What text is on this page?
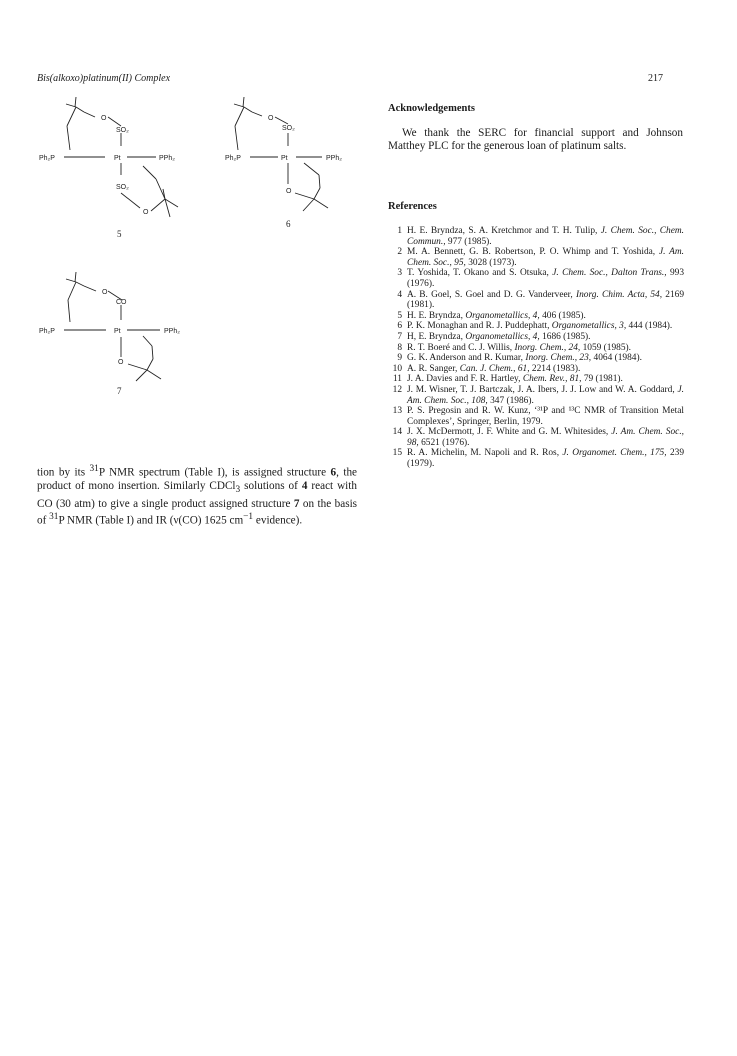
Bis(alkoxo)platinum(II) Complex	217
O
SO₂
Ph₂P	Pt	PPh₂
SO₂
O
5
O
SO₂
Ph₂P	Pt	PPh₂
O
6
O
CO
Ph₂P	Pt	PPh₂
O
7

tion by its $^{31}$P NMR spectrum (Table I), is assigned structure 6, the product of mono insertion. Similarly CDCl$_3$ solutions of 4 react with CO (30 atm) to give a single product assigned structure 7 on the basis of $^{31}$P NMR (Table I) and IR (ν(CO) 1625 $cm^{-1}$ evidence).

Acknowledgements
We thank the SERC for financial support and Johnson Matthey PLC for the generous loan of platinum salts.
References
1 H. E. Bryndza, S. A. Kretchmor and T. H. Tulip, J. Chem. Soc., Chem. Commun., 977 (1985).
2 M. A. Bennett, G. B. Robertson, P. O. Whimp and T. Yoshida, J. Am. Chem. Soc., 95, 3028 (1973).
3 T. Yoshida, T. Okano and S. Otsuka, J. Chem. Soc., Dalton Trans., 993 (1976).
4 A. B. Goel, S. Goel and D. G. Vanderveer, Inorg. Chim. Acta, 54, 2169 (1981).
5 H. E. Bryndza, Organometallics, 4, 406 (1985).
6 P. K. Monaghan and R. J. Puddephatt, Organometallics, 3, 444 (1984).
7 H, E. Bryndza, Organometallics, 4, 1686 (1985).
8 R. T. Boeré and C. J. Willis, Inorg. Chem., 24, 1059 (1985).
9 G. K. Anderson and R. Kumar, Inorg. Chem., 23, 4064 (1984).
10 A. R. Sanger, Can. J. Chem., 61, 2214 (1983).
11 J. A. Davies and F. R. Hartley, Chem. Rev., 81, 79 (1981).
12 J. M. Wisner, T. J. Bartczak, J. A. Ibers, J. J. Low and W. A. Goddard, J. Am. Chem. Soc., 108, 347 (1986).
13 P. S. Pregosin and R. W. Kunz, ‘³¹P and ¹³C NMR of Transition Metal Complexes’, Springer, Berlin, 1979.
14 J. X. McDermott, J. F. White and G. M. Whitesides, J. Am. Chem. Soc., 98, 6521 (1976).
15 R. A. Michelin, M. Napoli and R. Ros, J. Organomet. Chem., 175, 239 (1979).
